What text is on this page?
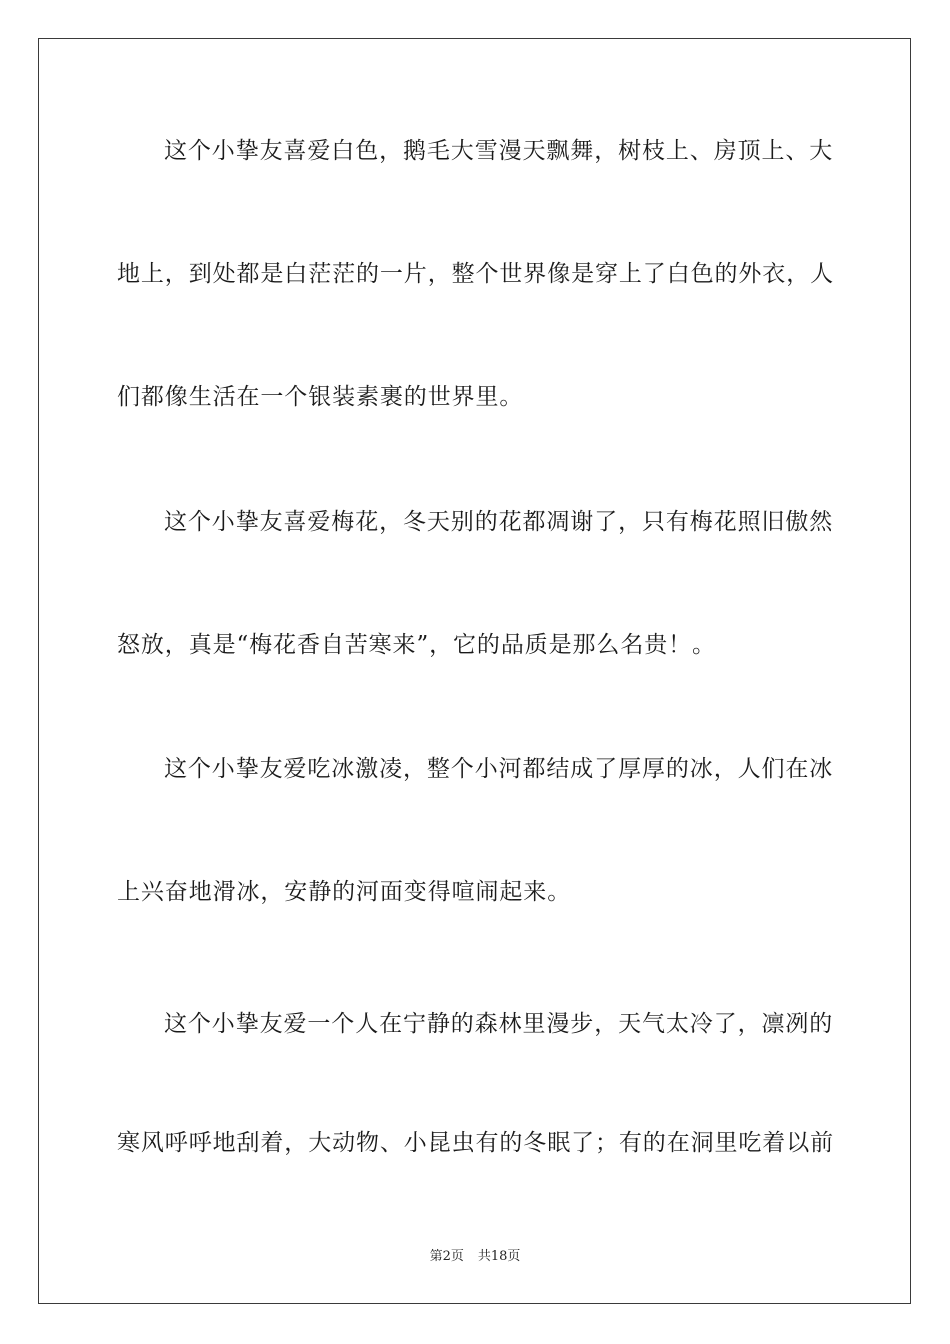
这个小挚友喜爱白色，鹅毛大雪漫天飘舞，树枝上、房顶上、大
地上，到处都是白茫茫的一片，整个世界像是穿上了白色的外衣，人
们都像生活在一个银装素裹的世界里。
这个小挚友喜爱梅花，冬天别的花都凋谢了，只有梅花照旧傲然
怒放，真是“梅花香自苦寒来”，它的品质是那么名贵！。
这个小挚友爱吃冰激凌，整个小河都结成了厚厚的冰，人们在冰
上兴奋地滑冰，安静的河面变得喧闹起来。
这个小挚友爱一个人在宁静的森林里漫步，天气太冷了，凛冽的
寒风呼呼地刮着，大动物、小昆虫有的冬眠了；有的在洞里吃着以前
第2页 共18页
